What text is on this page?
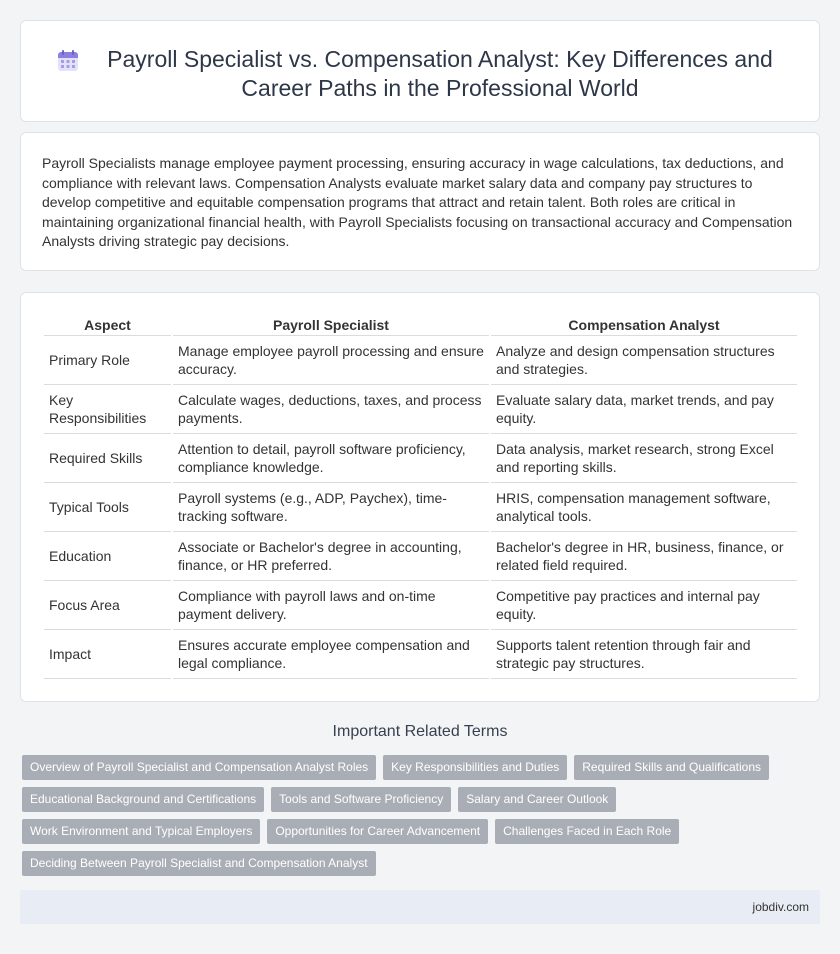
Payroll Specialist vs. Compensation Analyst: Key Differences and Career Paths in the Professional World

Payroll Specialists manage employee payment processing, ensuring accuracy in wage calculations, tax deductions, and compliance with relevant laws. Compensation Analysts evaluate market salary data and company pay structures to develop competitive and equitable compensation programs that attract and retain talent. Both roles are critical in maintaining organizational financial health, with Payroll Specialists focusing on transactional accuracy and Compensation Analysts driving strategic pay decisions.

Aspect	Payroll Specialist	Compensation Analyst
Primary Role	Manage employee payroll processing and ensure accuracy.	Analyze and design compensation structures and strategies.
Key Responsibilities	Calculate wages, deductions, taxes, and process payments.	Evaluate salary data, market trends, and pay equity.
Required Skills	Attention to detail, payroll software proficiency, compliance knowledge.	Data analysis, market research, strong Excel and reporting skills.
Typical Tools	Payroll systems (e.g., ADP, Paychex), time-tracking software.	HRIS, compensation management software, analytical tools.
Education	Associate or Bachelor's degree in accounting, finance, or HR preferred.	Bachelor's degree in HR, business, finance, or related field required.
Focus Area	Compliance with payroll laws and on-time payment delivery.	Competitive pay practices and internal pay equity.
Impact	Ensures accurate employee compensation and legal compliance.	Supports talent retention through fair and strategic pay structures.
Important Related Terms
Overview of Payroll Specialist and Compensation Analyst Roles	Key Responsibilities and Duties	Required Skills and Qualifications
Educational Background and Certifications	Tools and Software Proficiency	Salary and Career Outlook
Work Environment and Typical Employers	Opportunities for Career Advancement	Challenges Faced in Each Role
Deciding Between Payroll Specialist and Compensation Analyst
jobdiv.com
